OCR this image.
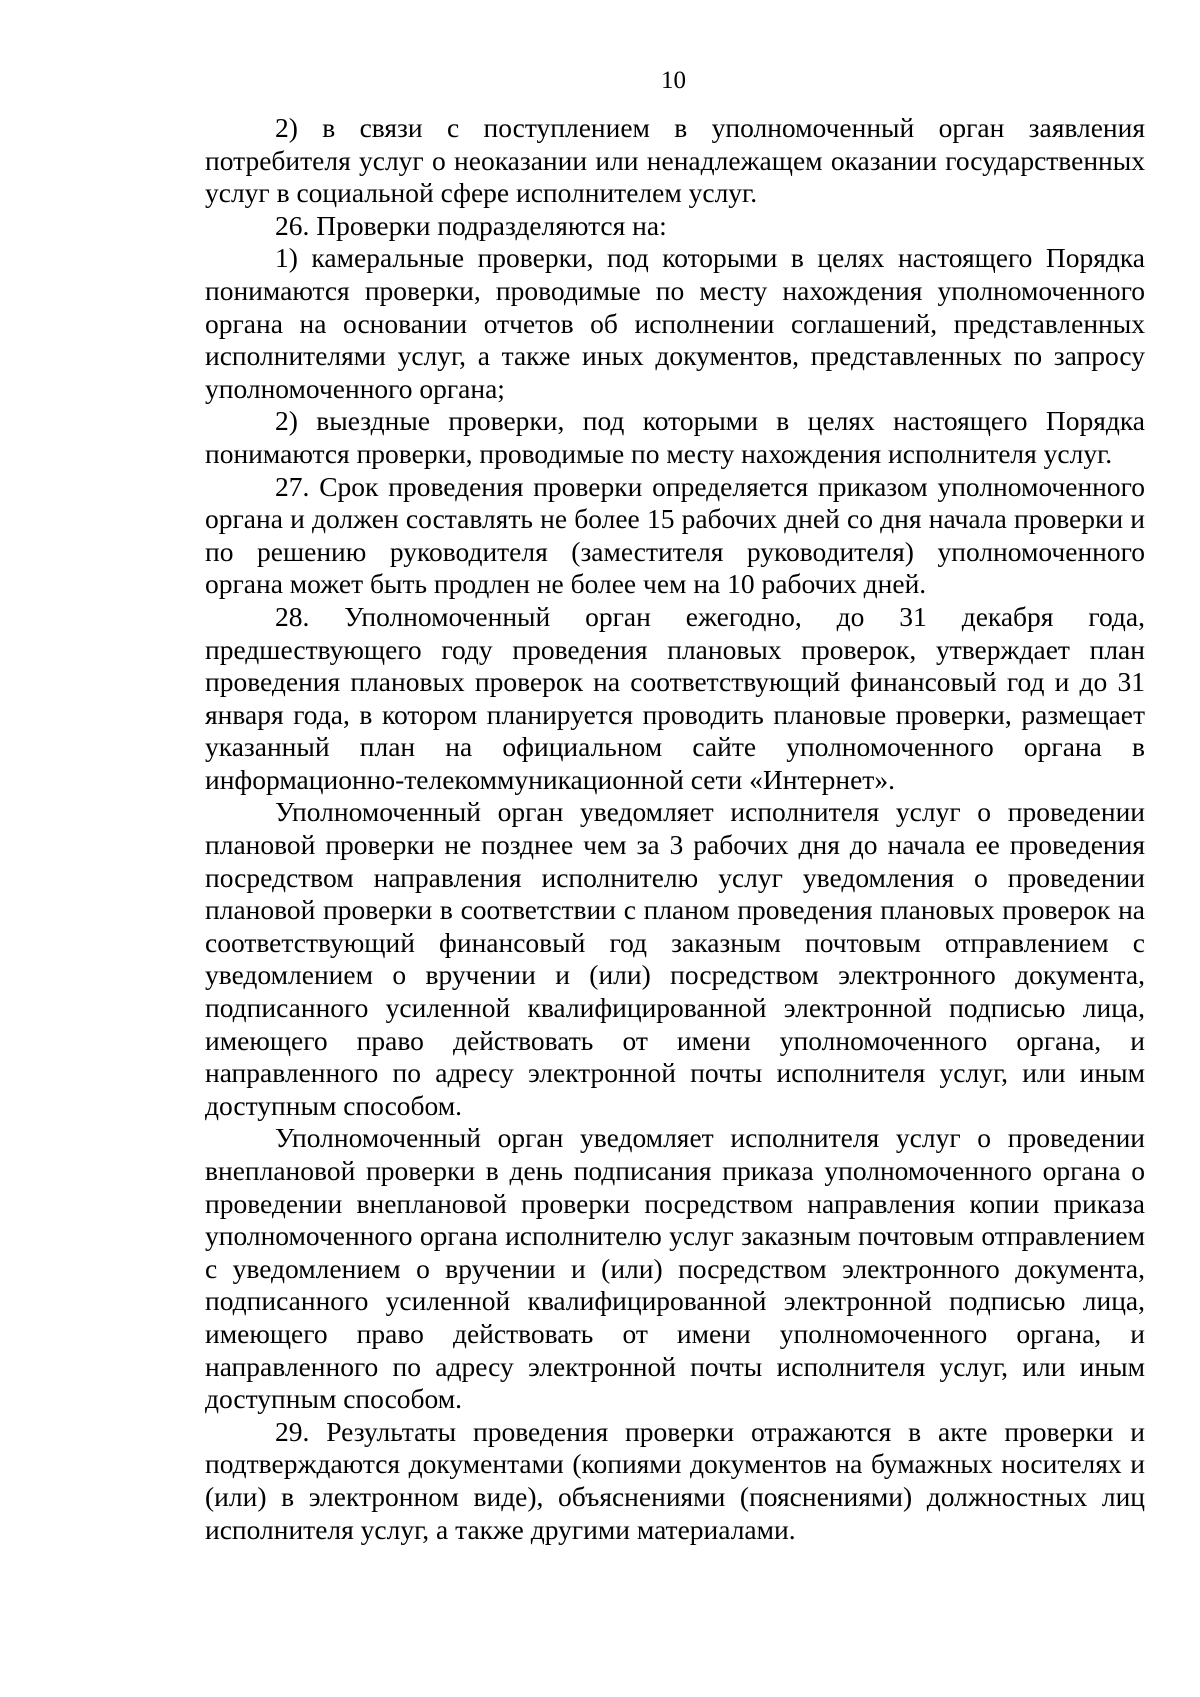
10

2) в связи с поступлением в уполномоченный орган заявления потребителя услуг о неоказании или ненадлежащем оказании государственных услуг в социальной сфере исполнителем услуг.

26. Проверки подразделяются на:

1) камеральные проверки, под которыми в целях настоящего Порядка понимаются проверки, проводимые по месту нахождения уполномоченного органа на основании отчетов об исполнении соглашений, представленных исполнителями услуг, а также иных документов, представленных по запросу уполномоченного органа;

2) выездные проверки, под которыми в целях настоящего Порядка понимаются проверки, проводимые по месту нахождения исполнителя услуг.

27. Срок проведения проверки определяется приказом уполномоченного органа и должен составлять не более 15 рабочих дней со дня начала проверки и по решению руководителя (заместителя руководителя) уполномоченного органа может быть продлен не более чем на 10 рабочих дней.

28. Уполномоченный орган ежегодно, до 31 декабря года, предшествующего году проведения плановых проверок, утверждает план проведения плановых проверок на соответствующий финансовый год и до 31 января года, в котором планируется проводить плановые проверки, размещает указанный план на официальном сайте уполномоченного органа в информационно-телекоммуникационной сети «Интернет».

Уполномоченный орган уведомляет исполнителя услуг о проведении плановой проверки не позднее чем за 3 рабочих дня до начала ее проведения посредством направления исполнителю услуг уведомления о проведении плановой проверки в соответствии с планом проведения плановых проверок на соответствующий финансовый год заказным почтовым отправлением с уведомлением о вручении и (или) посредством электронного документа, подписанного усиленной квалифицированной электронной подписью лица, имеющего право действовать от имени уполномоченного органа, и направленного по адресу электронной почты исполнителя услуг, или иным доступным способом.

Уполномоченный орган уведомляет исполнителя услуг о проведении внеплановой проверки в день подписания приказа уполномоченного органа о проведении внеплановой проверки посредством направления копии приказа уполномоченного органа исполнителю услуг заказным почтовым отправлением с уведомлением о вручении и (или) посредством электронного документа, подписанного усиленной квалифицированной электронной подписью лица, имеющего право действовать от имени уполномоченного органа, и направленного по адресу электронной почты исполнителя услуг, или иным доступным способом.

29. Результаты проведения проверки отражаются в акте проверки и подтверждаются документами (копиями документов на бумажных носителях и (или) в электронном виде), объяснениями (пояснениями) должностных лиц исполнителя услуг, а также другими материалами.
